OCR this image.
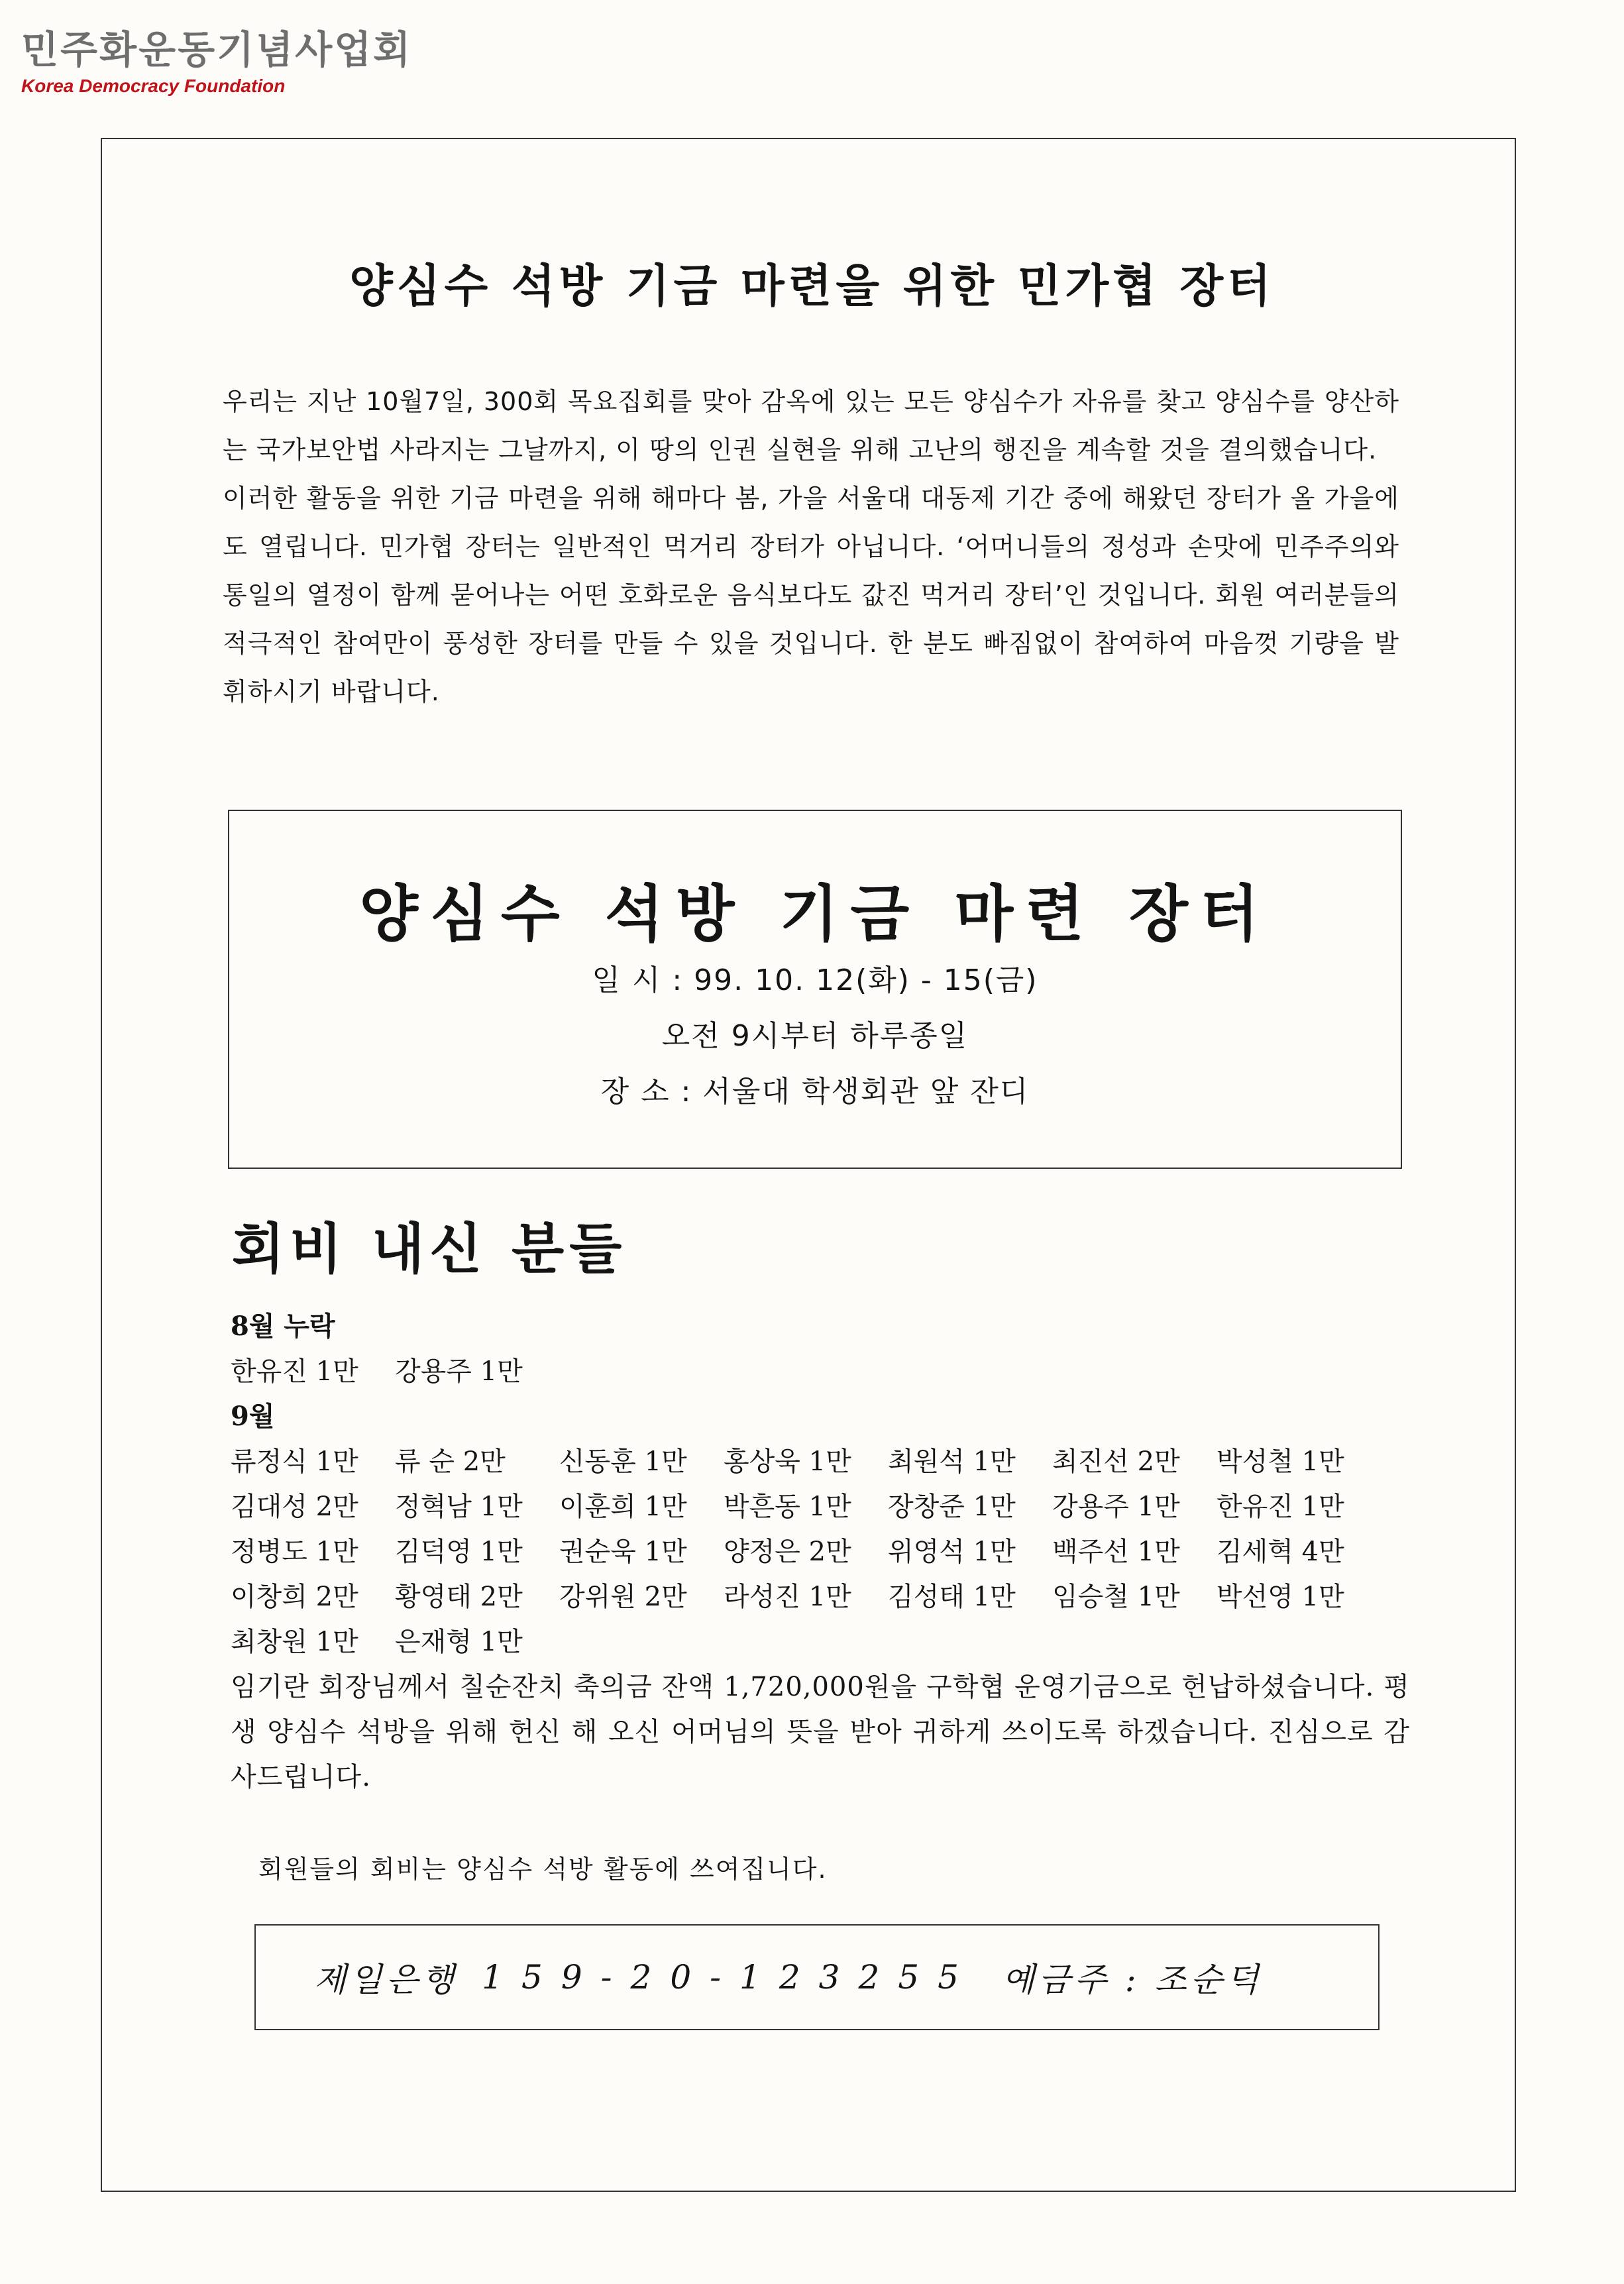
민주화운동기념사업회
Korea Democracy Foundation
양심수 석방 기금 마련을 위한 민가협 장터

우리는 지난 10월7일, 300회 목요집회를 맞아 감옥에 있는 모든 양심수가 자유를 찾고 양심수를 양산하는 국가보안법 사라지는 그날까지, 이 땅의 인권 실현을 위해 고난의 행진을 계속할 것을 결의했습니다.

이러한 활동을 위한 기금 마련을 위해 해마다 봄, 가을 서울대 대동제 기간 중에 해왔던 장터가 올 가을에도 열립니다. 민가협 장터는 일반적인 먹거리 장터가 아닙니다. ‘어머니들의 정성과 손맛에 민주주의와 통일의 열정이 함께 묻어나는 어떤 호화로운 음식보다도 값진 먹거리 장터’인 것입니다. 회원 여러분들의 적극적인 참여만이 풍성한 장터를 만들 수 있을 것입니다. 한 분도 빠짐없이 참여하여 마음껏 기량을 발휘하시기 바랍니다.

양심수 석방 기금 마련 장터
일 시 : 99. 10. 12(화) - 15(금)
오전 9시부터 하루종일
장 소 : 서울대 학생회관 앞 잔디
회비 내신 분들
8월 누락
한유진 1만	강용주 1만
9월
류정식 1만	류 순 2만	신동훈 1만	홍상욱 1만	최원석 1만	최진선 2만	박성철 1만
김대성 2만	정혁남 1만	이훈희 1만	박흔동 1만	장창준 1만	강용주 1만	한유진 1만
정병도 1만	김덕영 1만	권순욱 1만	양정은 2만	위영석 1만	백주선 1만	김세혁 4만
이창희 2만	황영태 2만	강위원 2만	라성진 1만	김성태 1만	임승철 1만	박선영 1만
최창원 1만	은재형 1만
임기란 회장님께서 칠순잔치 축의금 잔액 1,720,000원을 구학협 운영기금으로 헌납하셨습니다. 평생 양심수 석방을 위해 헌신 해 오신 어머님의 뜻을 받아 귀하게 쓰이도록 하겠습니다. 진심으로 감사드립니다.
회원들의 회비는 양심수 석방 활동에 쓰여집니다.
제일은행 159-20-123255 예금주 : 조순덕
